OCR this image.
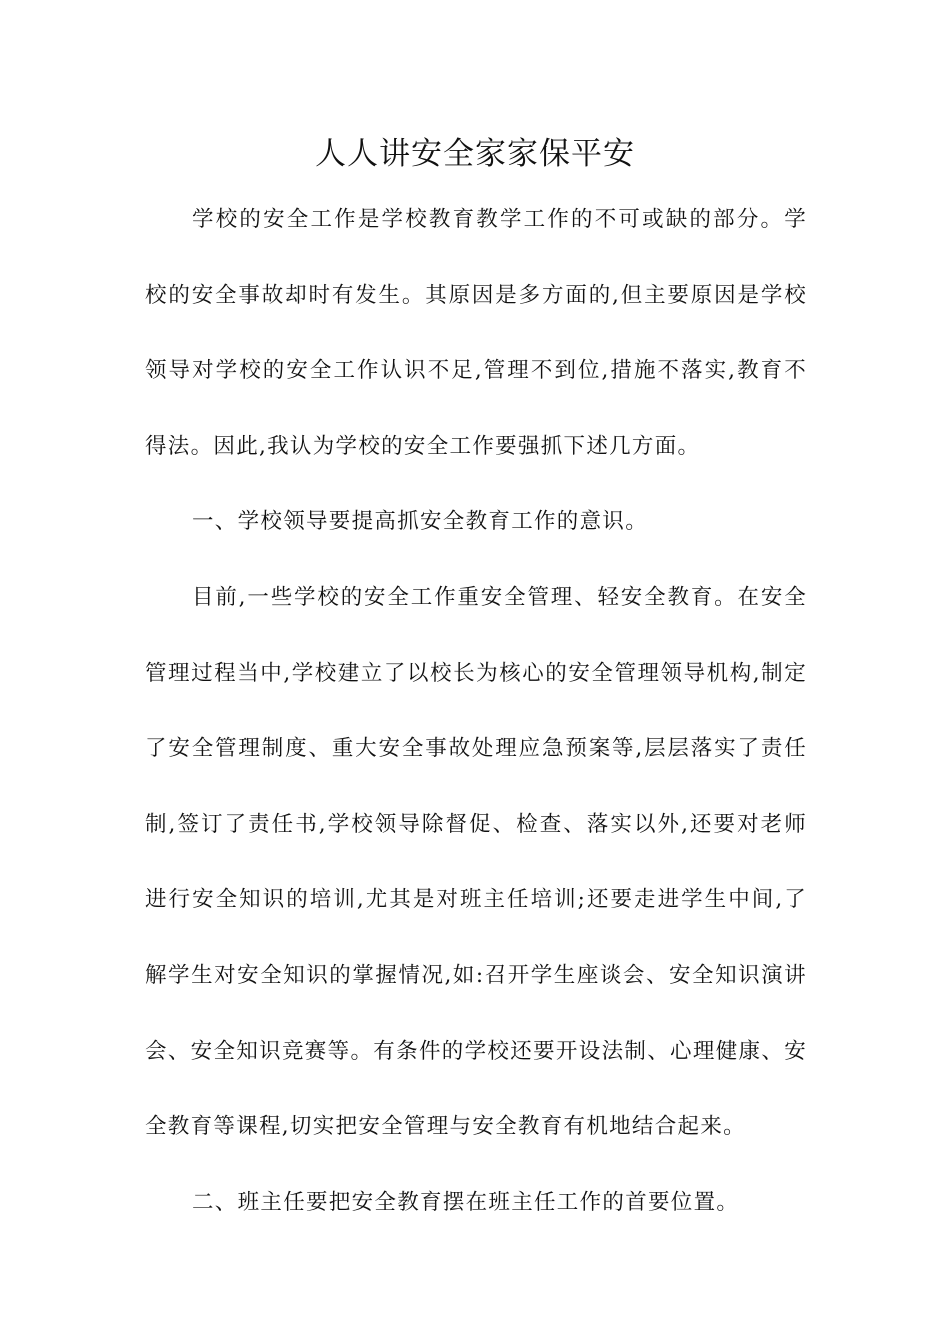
人人讲安全家家保平安

学校的安全工作是学校教育教学工作的不可或缺的部分。学校的安全事故却时有发生。其原因是多方面的,但主要原因是学校领导对学校的安全工作认识不足,管理不到位,措施不落实,教育不得法。因此,我认为学校的安全工作要强抓下述几方面。

一、学校领导要提高抓安全教育工作的意识。

目前,一些学校的安全工作重安全管理、轻安全教育。在安全管理过程当中,学校建立了以校长为核心的安全管理领导机构,制定了安全管理制度、重大安全事故处理应急预案等,层层落实了责任制,签订了责任书,学校领导除督促、检查、落实以外,还要对老师进行安全知识的培训,尤其是对班主任培训;还要走进学生中间,了解学生对安全知识的掌握情况,如:召开学生座谈会、安全知识演讲会、安全知识竞赛等。有条件的学校还要开设法制、心理健康、安全教育等课程,切实把安全管理与安全教育有机地结合起来。

二、班主任要把安全教育摆在班主任工作的首要位置。
